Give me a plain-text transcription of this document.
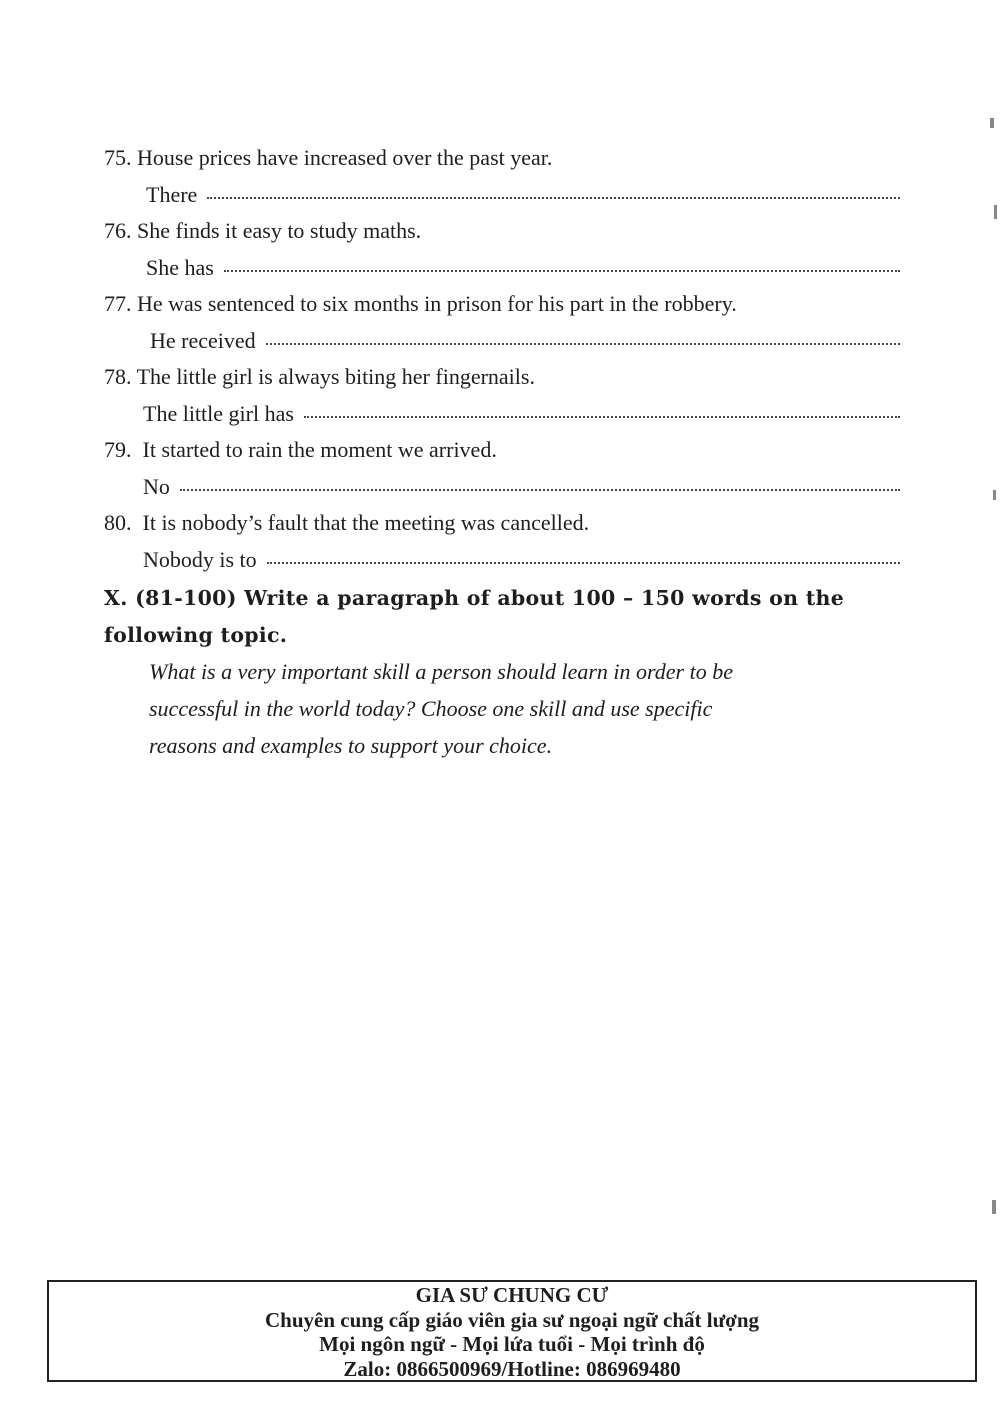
75. House prices have increased over the past year.
There
76. She finds it easy to study maths.
She has
77. He was sentenced to six months in prison for his part in the robbery.
He received
78. The little girl is always biting her fingernails.
The little girl has
79. It started to rain the moment we arrived.
No
80. It is nobody’s fault that the meeting was cancelled.
Nobody is to
X. (81-100) Write a paragraph of about 100 – 150 words on the
following topic.
What is a very important skill a person should learn in order to be
successful in the world today? Choose one skill and use specific
reasons and examples to support your choice.
GIA SƯ CHUNG CƯ
Chuyên cung cấp giáo viên gia sư ngoại ngữ chất lượng
Mọi ngôn ngữ - Mọi lứa tuổi - Mọi trình độ
Zalo: 0866500969/Hotline: 086969480
